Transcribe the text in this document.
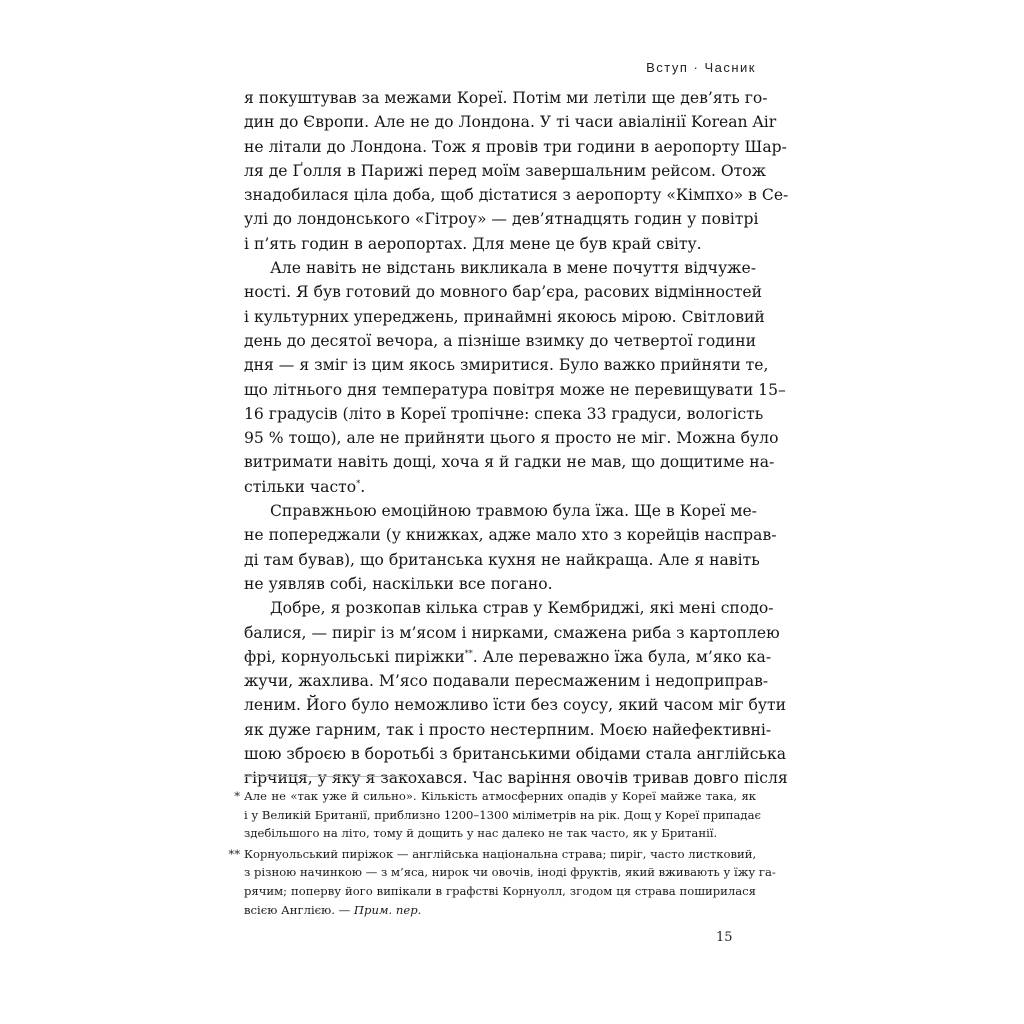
Вступ · Часник

я покуштував за межами Кореї. Потім ми летіли ще дев’ять го-
дин до Європи. Але не до Лондона. У ті часи авіалінії Korean Air
не літали до Лондона. Тож я провів три години в аеропорту Шар-
ля де Ґолля в Парижі перед моїм завершальним рейсом. Отож
знадобилася ціла доба, щоб дістатися з аеропорту «Кімпхо» в Се-
улі до лондонського «Гітроу» — дев’ятнадцять годин у повітрі
і п’ять годин в аеропортах. Для мене це був край світу.

Але навіть не відстань викликала в мене почуття відчуже-
ності. Я був готовий до мовного бар’єра, расових відмінностей
і культурних упереджень, принаймні якоюсь мірою. Світловий
день до десятої вечора, а пізніше взимку до четвертої години
дня — я зміг із цим якось змиритися. Було важко прийняти те,
що літнього дня температура повітря може не перевищувати 15–
16 градусів (літо в Кореї тропічне: спека 33 градуси, вологість
95 % тощо), але не прийняти цього я просто не міг. Можна було
витримати навіть дощі, хоча я й гадки не мав, що дощитиме на-
стільки часто*.

Справжньою емоційною травмою була їжа. Ще в Кореї ме-
не попереджали (у книжках, адже мало хто з корейців насправ-
ді там бував), що британська кухня не найкраща. Але я навіть
не уявляв собі, наскільки все погано.

Добре, я розкопав кілька страв у Кембриджі, які мені сподо-
балися, — пиріг із м’ясом і нирками, смажена риба з картоплею
фрі, корнуольські пиріжки**. Але переважно їжа була, м’яко ка-
жучи, жахлива. М’ясо подавали пересмаженим і недоприправ-
леним. Його було неможливо їсти без соусу, який часом міг бути
як дуже гарним, так і просто нестерпним. Моєю найефективні-
шою зброєю в боротьбі з британськими обідами стала англійська
гірчиця, у яку я закохався. Час варіння овочів тривав довго після

* Але не «так уже й сильно». Кількість атмосферних опадів у Кореї майже така, як
і у Великій Британії, приблизно 1200–1300 міліметрів на рік. Дощ у Кореї припадає
здебільшого на літо, тому й дощить у нас далеко не так часто, як у Британії.
** Корнуольський пиріжок — англійська національна страва; пиріг, часто листковий,
з різною начинкою — з м’яса, нирок чи овочів, іноді фруктів, який вживають у їжу га-
рячим; поперву його випікали в графстві Корнуолл, згодом ця страва поширилася
всією Англією. — Прим. пер.
15
